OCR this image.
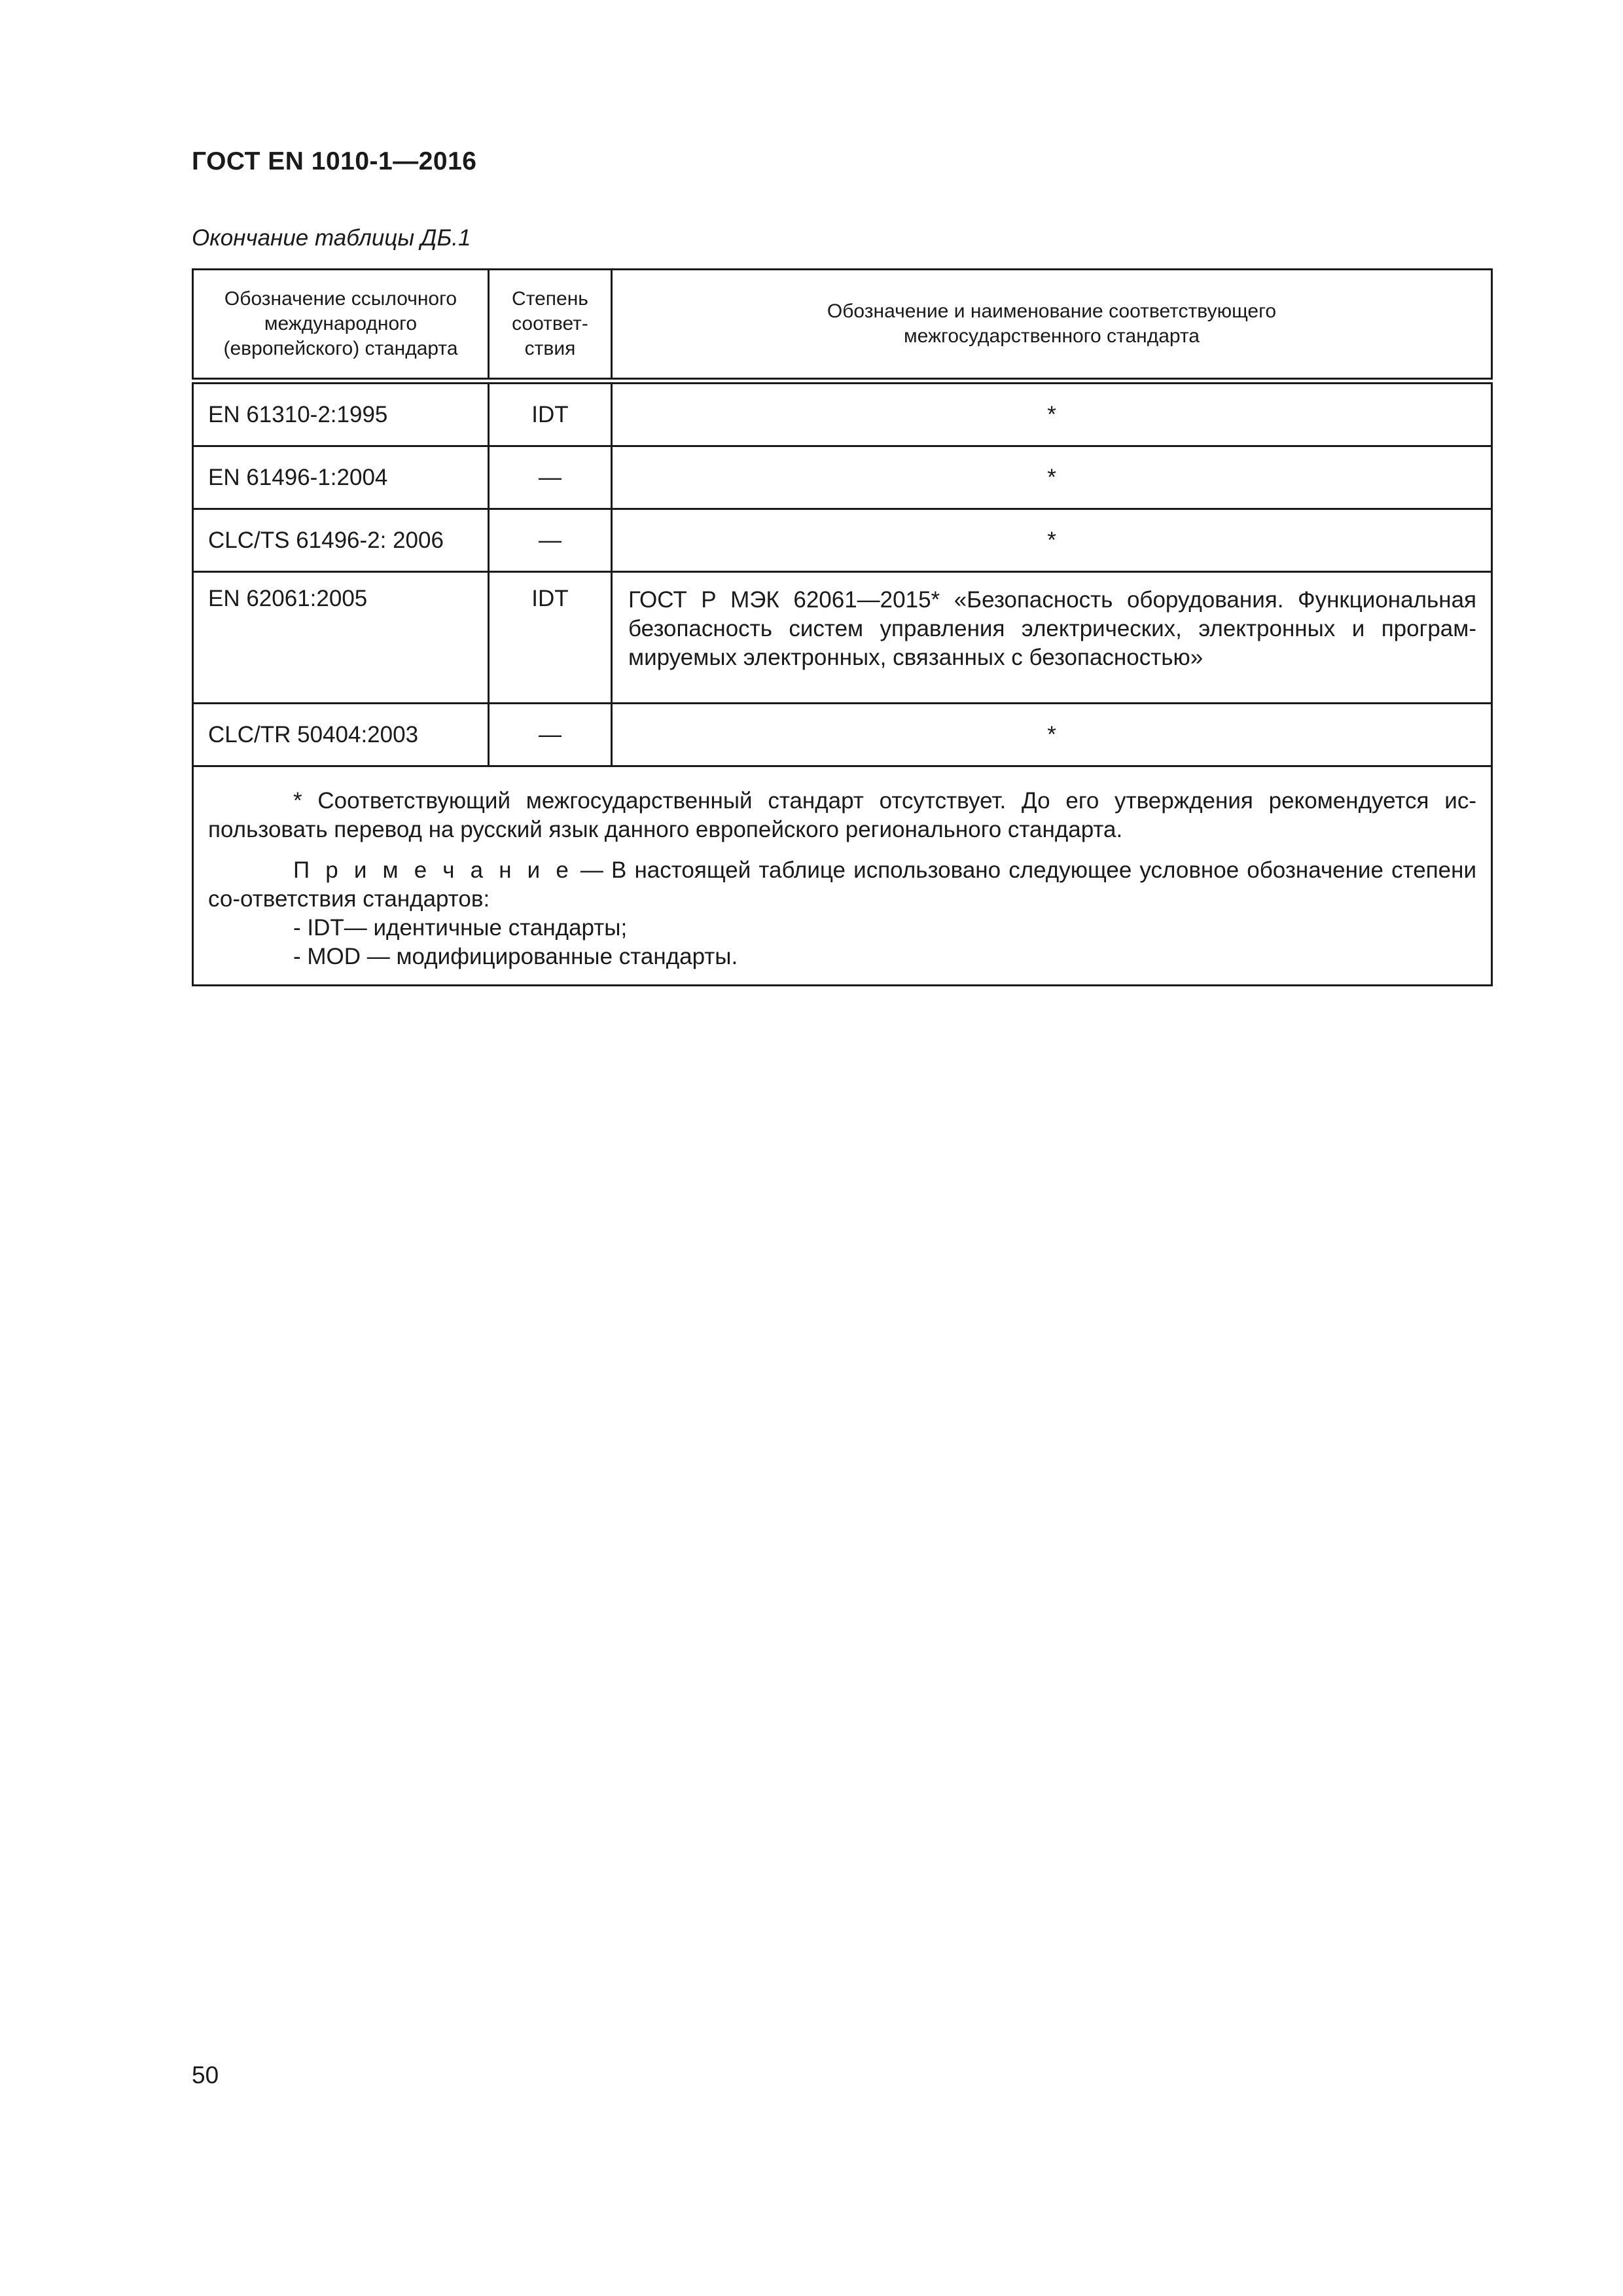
ГОСТ EN 1010-1—2016
Окончание таблицы ДБ.1
Обозначение ссылочного международного (европейского) стандарта	Степень соответ-ствия	Обозначение и наименование соответствующего межгосударственного стандарта
EN 61310-2:1995	IDT	*
EN 61496-1:2004	—	*
CLC/TS 61496-2: 2006	—	*
EN 62061:2005	IDT	ГОСТ Р МЭК 62061—2015* «Безопасность оборудования. Функциональная безопасность систем управления электрических, электронных и програм-мируемых электронных, связанных с безопасностью»
CLC/TR 50404:2003	—	*

* Соответствующий межгосударственный стандарт отсутствует. До его утверждения рекомендуется ис-пользовать перевод на русский язык данного европейского регионального стандарта.

П р и м е ч а н и е — В настоящей таблице использовано следующее условное обозначение степени со-ответствия стандартов:

- IDT— идентичные стандарты;

- MOD — модифицированные стандарты.		

50
